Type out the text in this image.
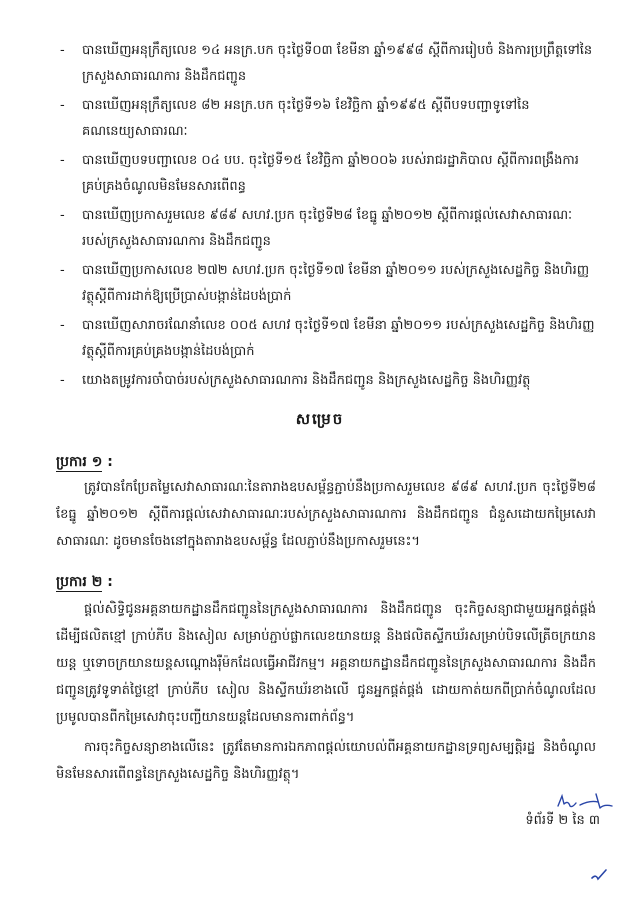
- បានឃើញអនុក្រឹត្យលេខ ១៤ អនក្រ.បក ចុះថ្ងៃទី០៣ ខែមីនា ឆ្នាំ១៩៩៨ ស្តីពីការរៀបចំ និងការប្រព្រឹត្តទៅនៃក្រសួងសាធារណការ និងដឹកជញ្ជូន
- បានឃើញអនុក្រឹត្យលេខ ៨២ អនក្រ.បក ចុះថ្ងៃទី១៦ ខែវិច្ឆិកា ឆ្នាំ១៩៩៥ ស្តីពីបទបញ្ជាទូទៅនៃគណនេយ្យសាធារណៈ
- បានឃើញបទបញ្ជាលេខ ០៤ បប. ចុះថ្ងៃទី១៥ ខែវិច្ឆិកា ឆ្នាំ២០០៦ របស់រាជរដ្ឋាភិបាល ស្តីពីការពង្រឹងការគ្រប់គ្រងចំណូលមិនមែនសារពើពន្ធ
- បានឃើញប្រកាសរួមលេខ ៩៨៩ សហវ.ប្រក ចុះថ្ងៃទី២៨ ខែធ្នូ ឆ្នាំ២០១២ ស្តីពីការផ្តល់សេវាសាធារណៈរបស់ក្រសួងសាធារណការ និងដឹកជញ្ជូន
- បានឃើញប្រកាសលេខ ២៧២ សហវ.ប្រក ចុះថ្ងៃទី១៧ ខែមីនា ឆ្នាំ២០១១ របស់ក្រសួងសេដ្ឋកិច្ច និងហិរញ្ញវត្ថុស្តីពីការដាក់ឱ្យប្រើប្រាស់បង្កាន់ដៃបង់ប្រាក់
- បានឃើញសារាចរណែនាំលេខ ០០៥ សហវ ចុះថ្ងៃទី១៧ ខែមីនា ឆ្នាំ២០១១ របស់ក្រសួងសេដ្ឋកិច្ច និងហិរញ្ញវត្ថុស្តីពីការគ្រប់គ្រងបង្កាន់ដៃបង់ប្រាក់
- យោងតម្រូវការចាំបាច់របស់ក្រសួងសាធារណការ និងដឹកជញ្ជូន និងក្រសួងសេដ្ឋកិច្ច និងហិរញ្ញវត្ថុ
សម្រេច
ប្រការ ១ :

ត្រូវបានកែប្រែតម្លៃសេវាសាធារណៈនៃតារាងឧបសម្ព័ន្ធភ្ជាប់នឹងប្រកាសរួមលេខ ៩៨៩ សហវ.ប្រក ចុះថ្ងៃទី២៨ ខែធ្នូ ឆ្នាំ២០១២ ស្តីពីការផ្តល់សេវាសាធារណៈរបស់ក្រសួងសាធារណការ និងដឹកជញ្ជូន ជំនួសដោយកម្រៃសេវាសាធារណៈ ដូចមានចែងនៅក្នុងតារាងឧបសម្ព័ន្ធ ដែលភ្ជាប់នឹងប្រកាសរួមនេះ។

ប្រការ ២ :

ផ្តល់សិទ្ធិជូនអគ្គនាយកដ្ឋានដឹកជញ្ជូននៃក្រសួងសាធារណការ និងដឹកជញ្ជូន ចុះកិច្ចសន្យាជាមួយអ្នកផ្គត់ផ្គង់ ដើម្បីផលិតខ្មៅ ក្រាប់ភីប និងសៀល សម្រាប់ភ្ជាប់ផ្លាកលេខយានយន្ត និងផលិតស្ទីកឃ័រសម្រាប់បិទលើត្រីចក្រយានយន្ត ឬទោចក្រយានយន្តសណ្តោងរ៉ឺម៉កដែលធ្វើអាជីវកម្ម។ អគ្គនាយកដ្ឋានដឹកជញ្ជូននៃក្រសួងសាធារណការ និងដឹកជញ្ជូនត្រូវទូទាត់ថ្លៃខ្មៅ ក្រាប់ភីប សៀល និងស្ទីកឃ័រខាងលើ ជូនអ្នកផ្គត់ផ្គង់ ដោយកាត់យកពីប្រាក់ចំណូលដែលប្រមូលបានពីកម្រៃសេវាចុះបញ្ជីយានយន្តដែលមានការពាក់ព័ន្ធ។

ការចុះកិច្ចសន្យាខាងលើនេះ ត្រូវតែមានការឯកភាពផ្តល់យោបល់ពីអគ្គនាយកដ្ឋានទ្រព្យសម្បត្តិរដ្ឋ និងចំណូលមិនមែនសារពើពន្ធនៃក្រសួងសេដ្ឋកិច្ច និងហិរញ្ញវត្ថុ។

ទំព័រទី ២ នៃ ៣
